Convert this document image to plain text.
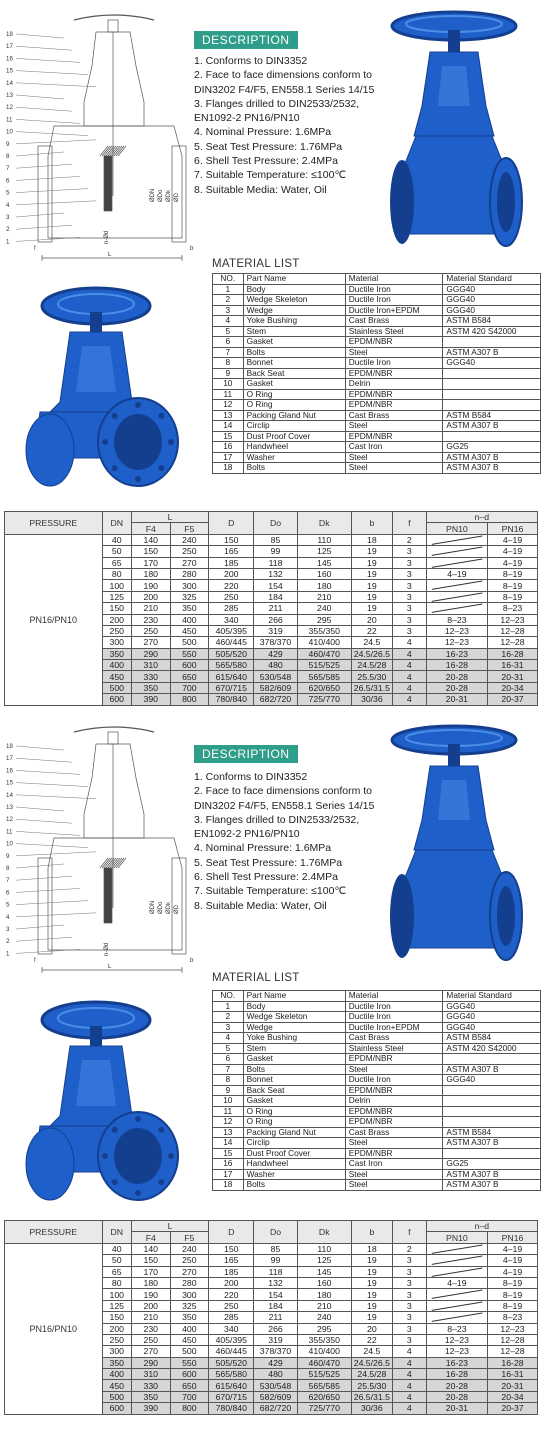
ØDN ØDo ØDk ØD
n-Ød
L
f	b
18
17
16
15
14
13
12
11
10
9
8
7
6
5
4
3
2
1
DESCRIPTION
1. Conforms to DIN3352
2. Face to face dimensions conform to
DIN3202 F4/F5, EN558.1 Series 14/15
3. Flanges drilled to DIN2533/2532,
EN1092-2 PN16/PN10
4. Nominal Pressure: 1.6MPa
5. Seat Test Pressure: 1.76MPa
6. Shell Test Pressure: 2.4MPa
7. Suitable Temperature: ≤100℃
8. Suitable Media: Water, Oil
MATERIAL LIST
NO.	Part Name	Material	Material Standard
1	Body	Ductile Iron	GGG40
2	Wedge Skeleton	Ductile Iron	GGG40
3	Wedge	Ductile Iron+EPDM	GGG40
4	Yoke Bushing	Cast Brass	ASTM B584
5	Stem	Stainless Steel	ASTM 420 S42000
6	Gasket	EPDM/NBR	
7	Bolts	Steel	ASTM A307 B
8	Bonnet	Ductile Iron	GGG40
9	Back Seat	EPDM/NBR	
10	Gasket	Delrin	
11	O Ring	EPDM/NBR	
12	O Ring	EPDM/NBR	
13	Packing Gland Nut	Cast Brass	ASTM B584
14	Circlip	Steel	ASTM A307 B
15	Dust Proof Cover	EPDM/NBR	
16	Handwheel	Cast Iron	GG25
17	Washer	Steel	ASTM A307 B
18	Bolts	Steel	ASTM A307 B
PRESSURE	DN	L		D	Do	Dk	b	f	n–d	
		F4	F5						PN10	PN16
PN16/PN10	40	140	240	150	85	110	18	2		4–19
	50	150	250	165	99	125	19	3		4–19
	65	170	270	185	118	145	19	3		4–19
	80	180	280	200	132	160	19	3	4–19	8–19
	100	190	300	220	154	180	19	3		8–19
	125	200	325	250	184	210	19	3		8–19
	150	210	350	285	211	240	19	3		8–23
	200	230	400	340	266	295	20	3	8–23	12–23
	250	250	450	405/395	319	355/350	22	3	12–23	12–28
	300	270	500	460/445	378/370	410/400	24.5	4	12–23	12–28
	350	290	550	505/520	429	460/470	24.5/26.5	4	16-23	16-28
	400	310	600	565/580	480	515/525	24.5/28	4	16-28	16-31
	450	330	650	615/640	530/548	565/585	25.5/30	4	20-28	20-31
	500	350	700	670/715	582/609	620/650	26.5/31.5	4	20-28	20-34
	600	390	800	780/840	682/720	725/770	30/36	4	20-31	20-37
ØDN ØDo ØDk ØD
n-Ød
L
f	b
18
17
16
15
14
13
12
11
10
9
8
7
6
5
4
3
2
1
DESCRIPTION
1. Conforms to DIN3352
2. Face to face dimensions conform to
DIN3202 F4/F5, EN558.1 Series 14/15
3. Flanges drilled to DIN2533/2532,
EN1092-2 PN16/PN10
4. Nominal Pressure: 1.6MPa
5. Seat Test Pressure: 1.76MPa
6. Shell Test Pressure: 2.4MPa
7. Suitable Temperature: ≤100℃
8. Suitable Media: Water, Oil
MATERIAL LIST
NO.	Part Name	Material	Material Standard
1	Body	Ductile Iron	GGG40
2	Wedge Skeleton	Ductile Iron	GGG40
3	Wedge	Ductile Iron+EPDM	GGG40
4	Yoke Bushing	Cast Brass	ASTM B584
5	Stem	Stainless Steel	ASTM 420 S42000
6	Gasket	EPDM/NBR	
7	Bolts	Steel	ASTM A307 B
8	Bonnet	Ductile Iron	GGG40
9	Back Seat	EPDM/NBR	
10	Gasket	Delrin	
11	O Ring	EPDM/NBR	
12	O Ring	EPDM/NBR	
13	Packing Gland Nut	Cast Brass	ASTM B584
14	Circlip	Steel	ASTM A307 B
15	Dust Proof Cover	EPDM/NBR	
16	Handwheel	Cast Iron	GG25
17	Washer	Steel	ASTM A307 B
18	Bolts	Steel	ASTM A307 B
PRESSURE	DN	L		D	Do	Dk	b	f	n–d	
		F4	F5						PN10	PN16
PN16/PN10	40	140	240	150	85	110	18	2		4–19
	50	150	250	165	99	125	19	3		4–19
	65	170	270	185	118	145	19	3		4–19
	80	180	280	200	132	160	19	3	4–19	8–19
	100	190	300	220	154	180	19	3		8–19
	125	200	325	250	184	210	19	3		8–19
	150	210	350	285	211	240	19	3		8–23
	200	230	400	340	266	295	20	3	8–23	12–23
	250	250	450	405/395	319	355/350	22	3	12–23	12–28
	300	270	500	460/445	378/370	410/400	24.5	4	12–23	12–28
	350	290	550	505/520	429	460/470	24.5/26.5	4	16-23	16-28
	400	310	600	565/580	480	515/525	24.5/28	4	16-28	16-31
	450	330	650	615/640	530/548	565/585	25.5/30	4	20-28	20-31
	500	350	700	670/715	582/609	620/650	26.5/31.5	4	20-28	20-34
	600	390	800	780/840	682/720	725/770	30/36	4	20-31	20-37
